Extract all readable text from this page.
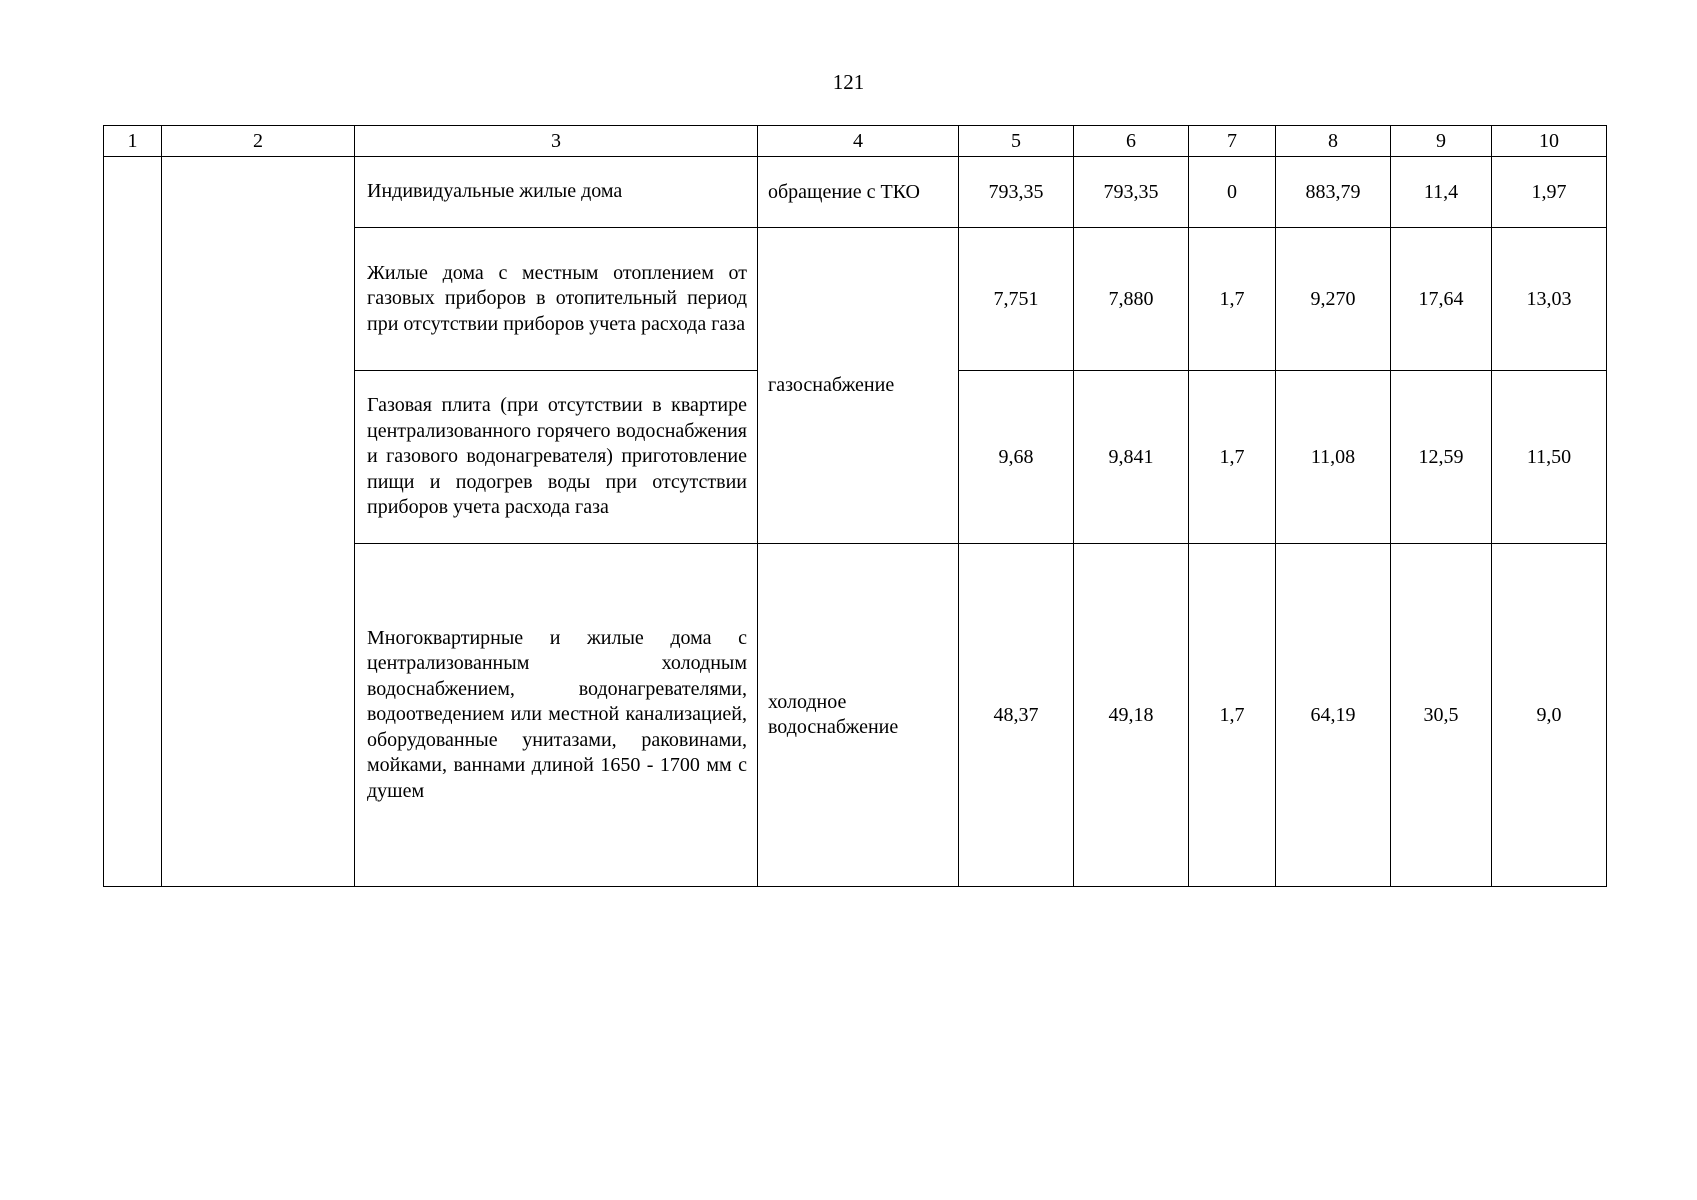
121
1	2	3	4	5	6	7	8	9	10
		Индивидуальные жилые дома	обращение с ТКО	793,35	793,35	0	883,79	11,4	1,97
		Жилые дома с местным отоплением от газовых приборов в отопительный период при отсутствии приборов учета расхода газа	газоснабжение	7,751	7,880	1,7	9,270	17,64	13,03
		Газовая плита (при отсутствии в квартире централизованного горячего водоснабжения и газового водонагревателя) приготовление пищи и подогрев воды при отсутствии приборов учета расхода газа		9,68	9,841	1,7	11,08	12,59	11,50
		Многоквартирные и жилые дома с централизованным холодным водоснабжением, водонагревателями, водоотведением или местной канализацией, оборудованные унитазами, раковинами, мойками, ваннами длиной 1650 - 1700 мм с душем	холодное водоснабжение	48,37	49,18	1,7	64,19	30,5	9,0
